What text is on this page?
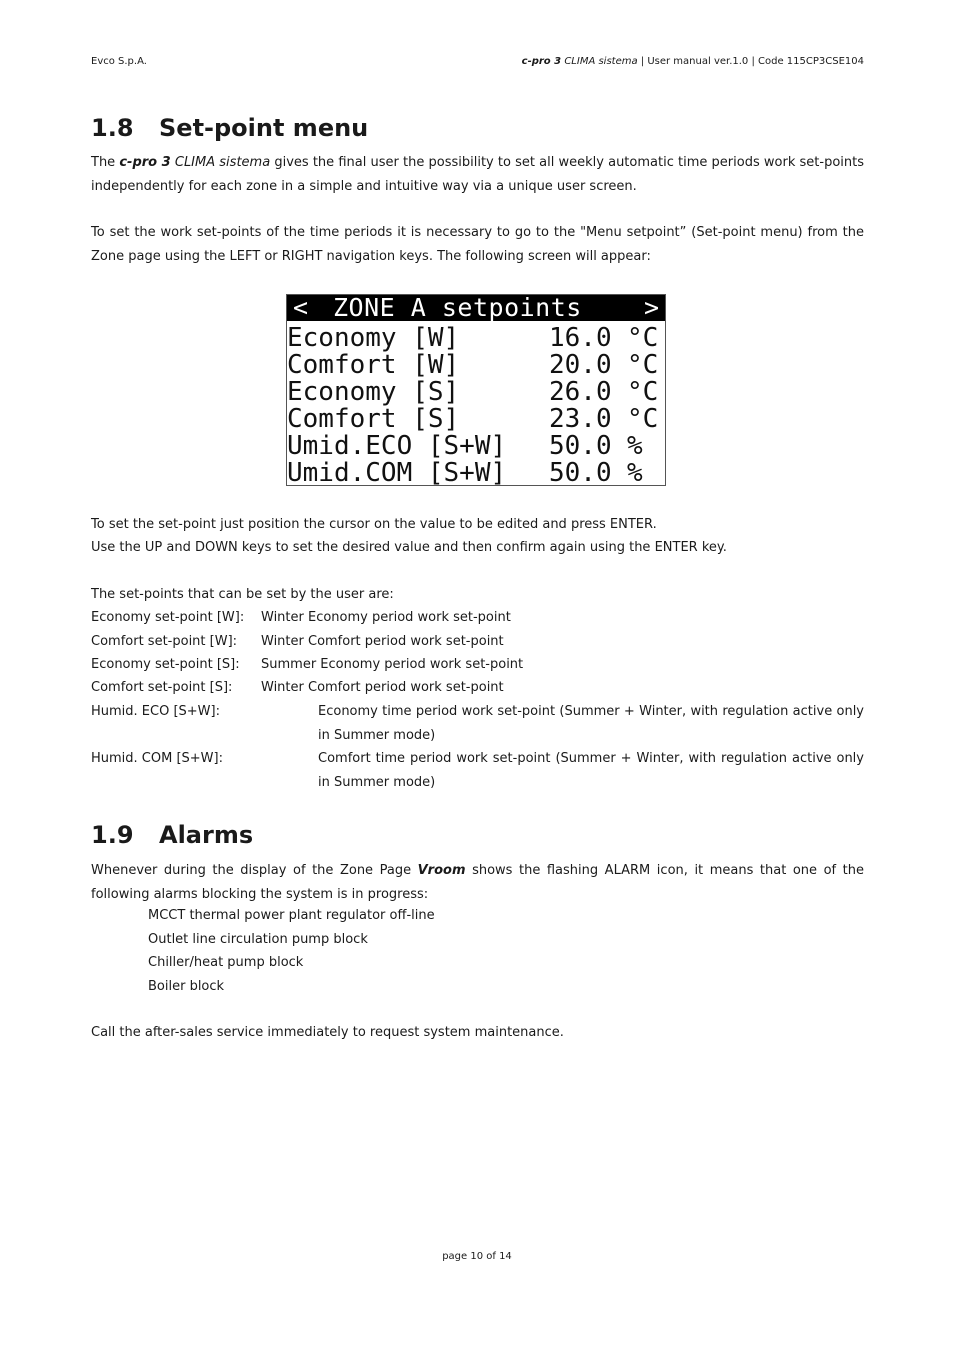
Evco S.p.A.	c-pro 3 CLIMA sistema | User manual ver.1.0 | Code 115CP3CSE104
1.8 Set-point menu

The c-pro 3 CLIMA sistema gives the final user the possibility to set all weekly automatic time periods work set-points independently for each zone in a simple and intuitive way via a unique user screen.

To set the work set-points of the time periods it is necessary to go to the "Menu setpoint” (Set-point menu) from the Zone page using the LEFT or RIGHT navigation keys. The following screen will appear:

< ZONE A setpoints >
Economy [W]	16.0 °C
Comfort [W]	20.0 °C
Economy [S]	26.0 °C
Comfort [S]	23.0 °C
Umid.ECO [S+W] 50.0 %
Umid.COM [S+W] 50.0 %
To set the set-point just position the cursor on the value to be edited and press ENTER.
Use the UP and DOWN keys to set the desired value and then confirm again using the ENTER key.
The set-points that can be set by the user are:
Economy set-point [W]: Winter Economy period work set-point
Comfort set-point [W]: Winter Comfort period work set-point
Economy set-point [S]: Summer Economy period work set-point
Comfort set-point [S]: Winter Comfort period work set-point
Humid. ECO [S+W]:	Economy time period work set-point (Summer + Winter, with regulation active only in Summer mode)
Humid. COM [S+W]:	Comfort time period work set-point (Summer + Winter, with regulation active only in Summer mode)
1.9 Alarms

Whenever during the display of the Zone Page Vroom shows the flashing ALARM icon, it means that one of the following alarms blocking the system is in progress:

MCCT thermal power plant regulator off-line
Outlet line circulation pump block
Chiller/heat pump block
Boiler block
Call the after-sales service immediately to request system maintenance.
page 10 of 14
